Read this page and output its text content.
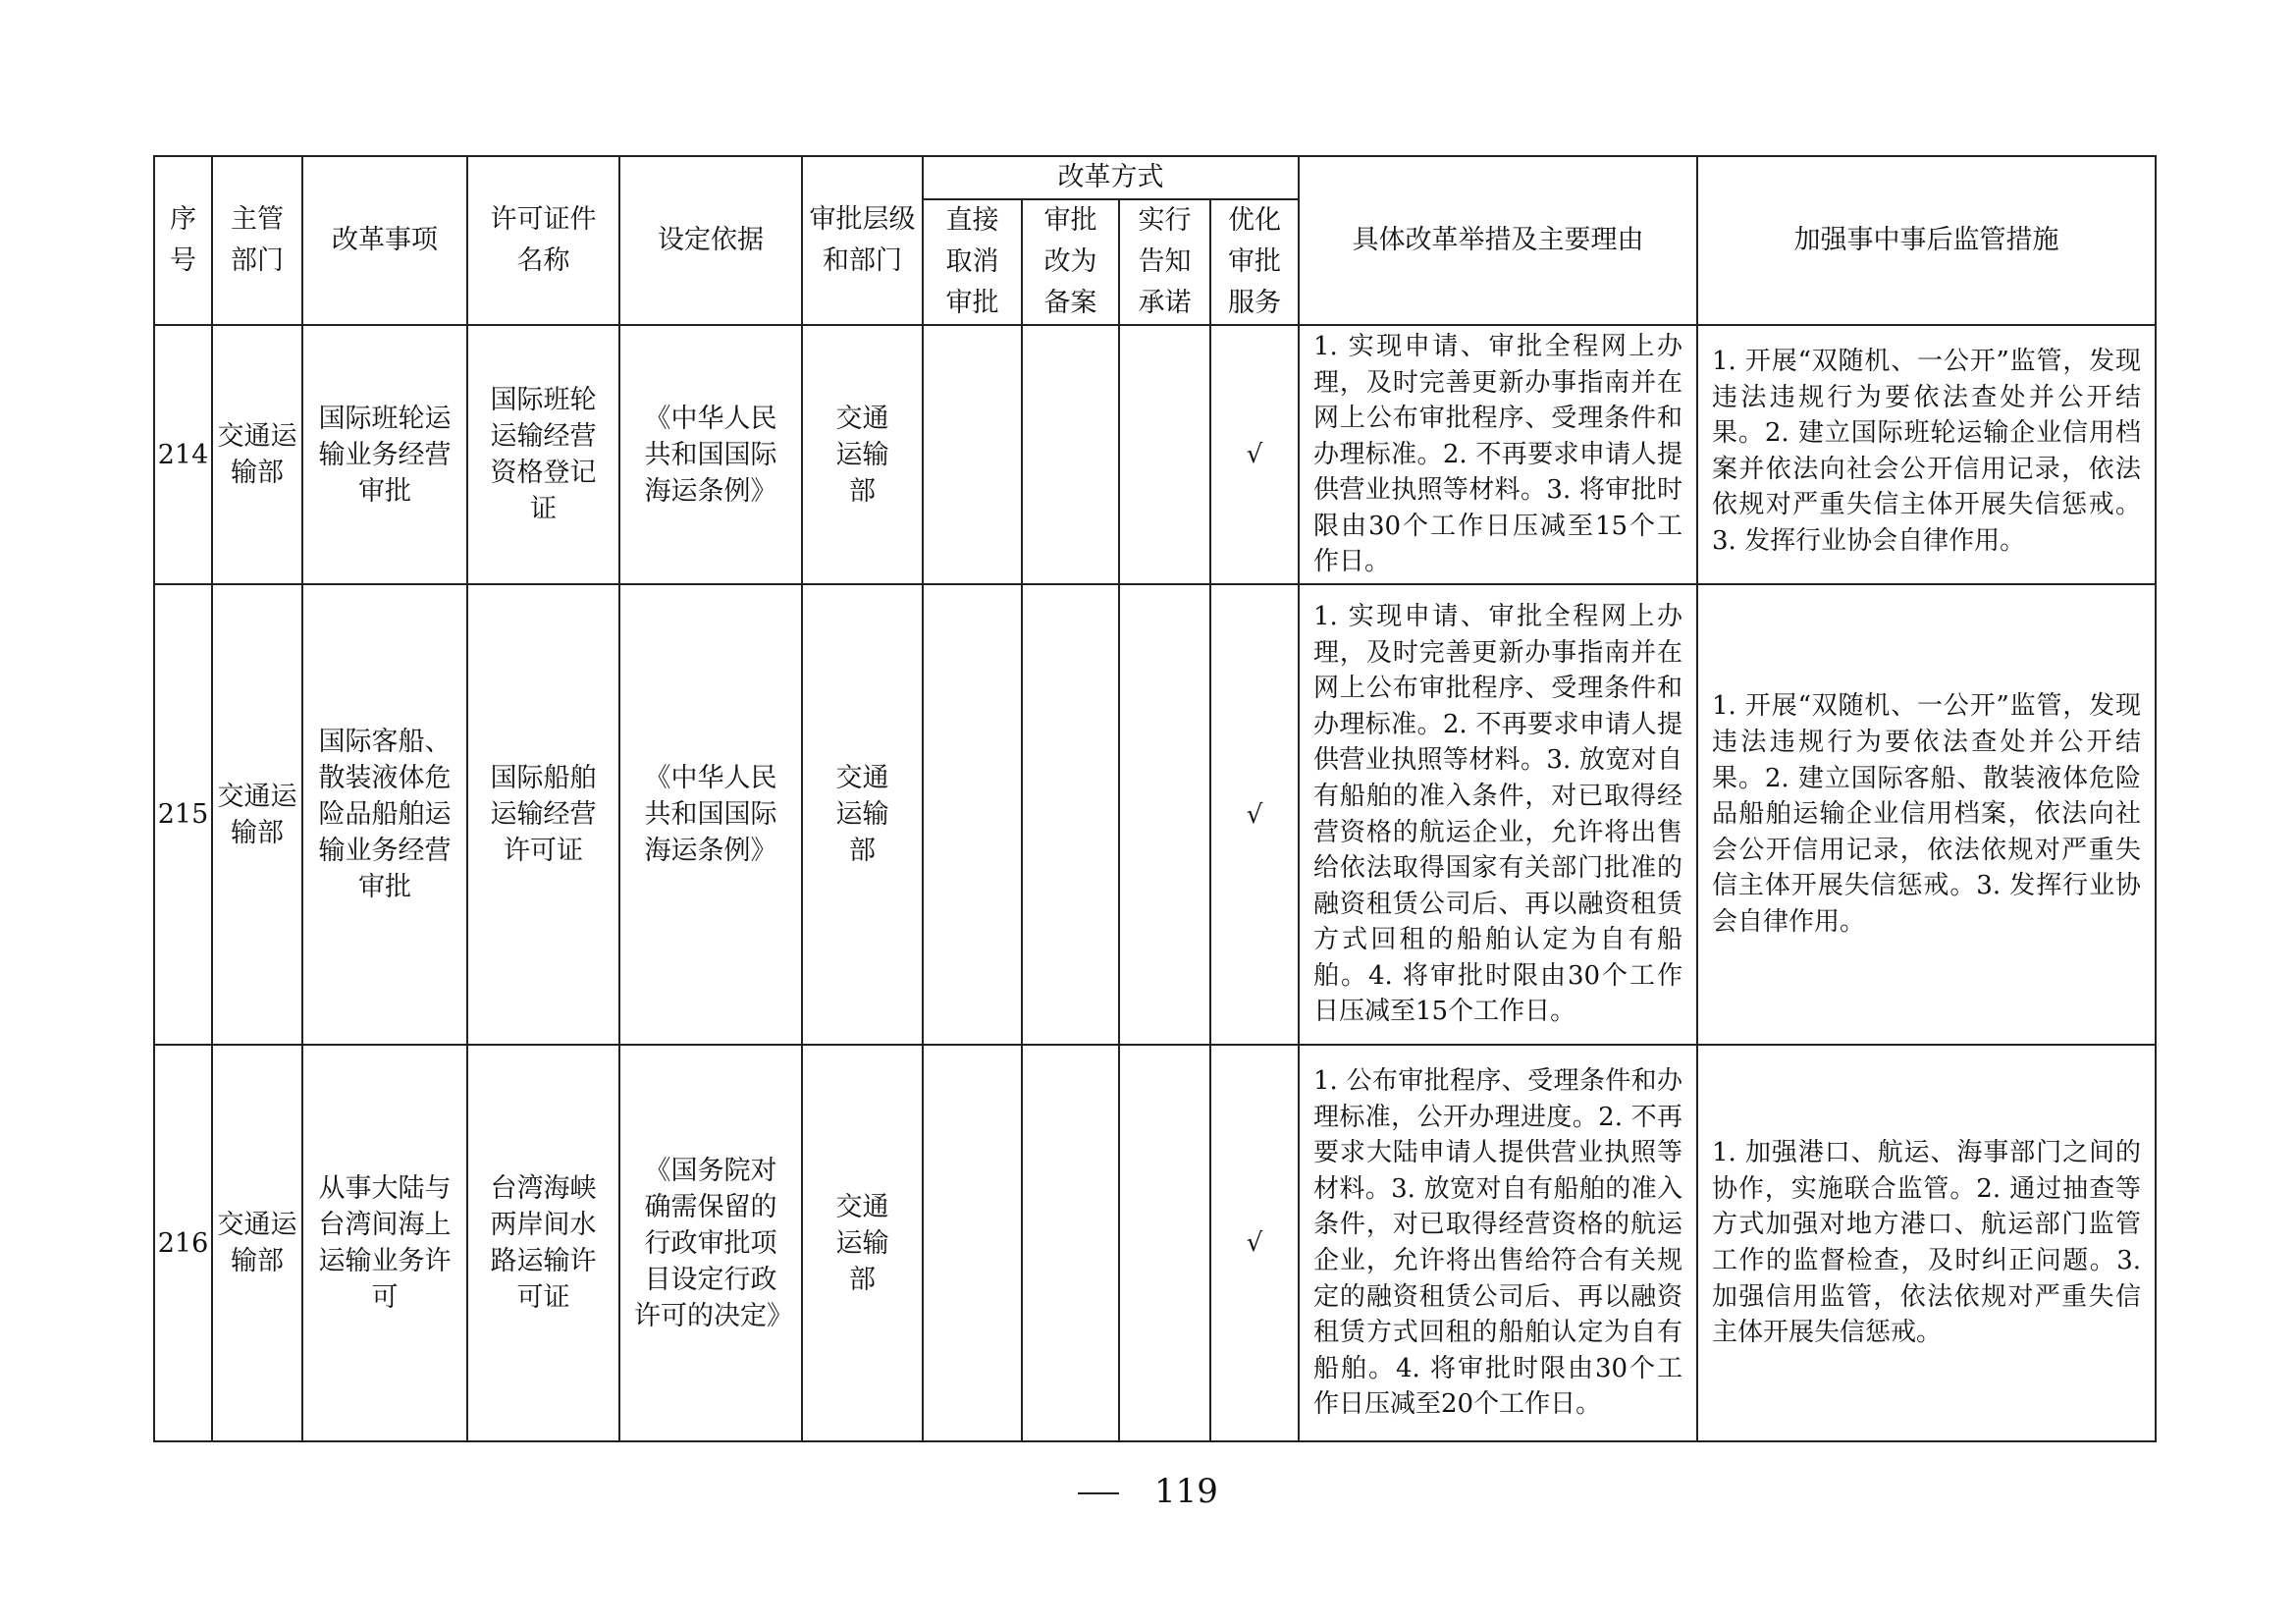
序号	主管部门	改革事项	许可证件名称	设定依据	审批层级和部门	改革方式				具体改革举措及主要理由	加强事中事后监管措施
						直接取消审批	审批改为备案	实行告知承诺	优化审批服务		
214	交通运输部	国际班轮运输业务经营审批	国际班轮运输经营资格登记证	《中华人民共和国国际海运条例》	交通运输部				√	1. 实现申请、审批全程网上办理，及时完善更新办事指南并在网上公布审批程序、受理条件和办理标准。2. 不再要求申请人提供营业执照等材料。3. 将审批时限由30个工作日压减至15个工作日。	1. 开展“双随机、一公开”监管，发现违法违规行为要依法查处并公开结果。2. 建立国际班轮运输企业信用档案并依法向社会公开信用记录，依法依规对严重失信主体开展失信惩戒。3. 发挥行业协会自律作用。
215	交通运输部	国际客船、散装液体危险品船舶运输业务经营审批	国际船舶运输经营许可证	《中华人民共和国国际海运条例》	交通运输部				√	1. 实现申请、审批全程网上办理，及时完善更新办事指南并在网上公布审批程序、受理条件和办理标准。2. 不再要求申请人提供营业执照等材料。3. 放宽对自有船舶的准入条件，对已取得经营资格的航运企业，允许将出售给依法取得国家有关部门批准的融资租赁公司后、再以融资租赁方式回租的船舶认定为自有船舶。4. 将审批时限由30个工作日压减至15个工作日。	1. 开展“双随机、一公开”监管，发现违法违规行为要依法查处并公开结果。2. 建立国际客船、散装液体危险品船舶运输企业信用档案，依法向社会公开信用记录，依法依规对严重失信主体开展失信惩戒。3. 发挥行业协会自律作用。
216	交通运输部	从事大陆与台湾间海上运输业务许可	台湾海峡两岸间水路运输许可证	《国务院对确需保留的行政审批项目设定行政许可的决定》	交通运输部				√	1. 公布审批程序、受理条件和办理标准，公开办理进度。2. 不再要求大陆申请人提供营业执照等材料。3. 放宽对自有船舶的准入条件，对已取得经营资格的航运企业，允许将出售给符合有关规定的融资租赁公司后、再以融资租赁方式回租的船舶认定为自有船舶。4. 将审批时限由30个工作日压减至20个工作日。	1. 加强港口、航运、海事部门之间的协作，实施联合监管。2. 通过抽查等方式加强对地方港口、航运部门监管工作的监督检查，及时纠正问题。3. 加强信用监管，依法依规对严重失信主体开展失信惩戒。
119
